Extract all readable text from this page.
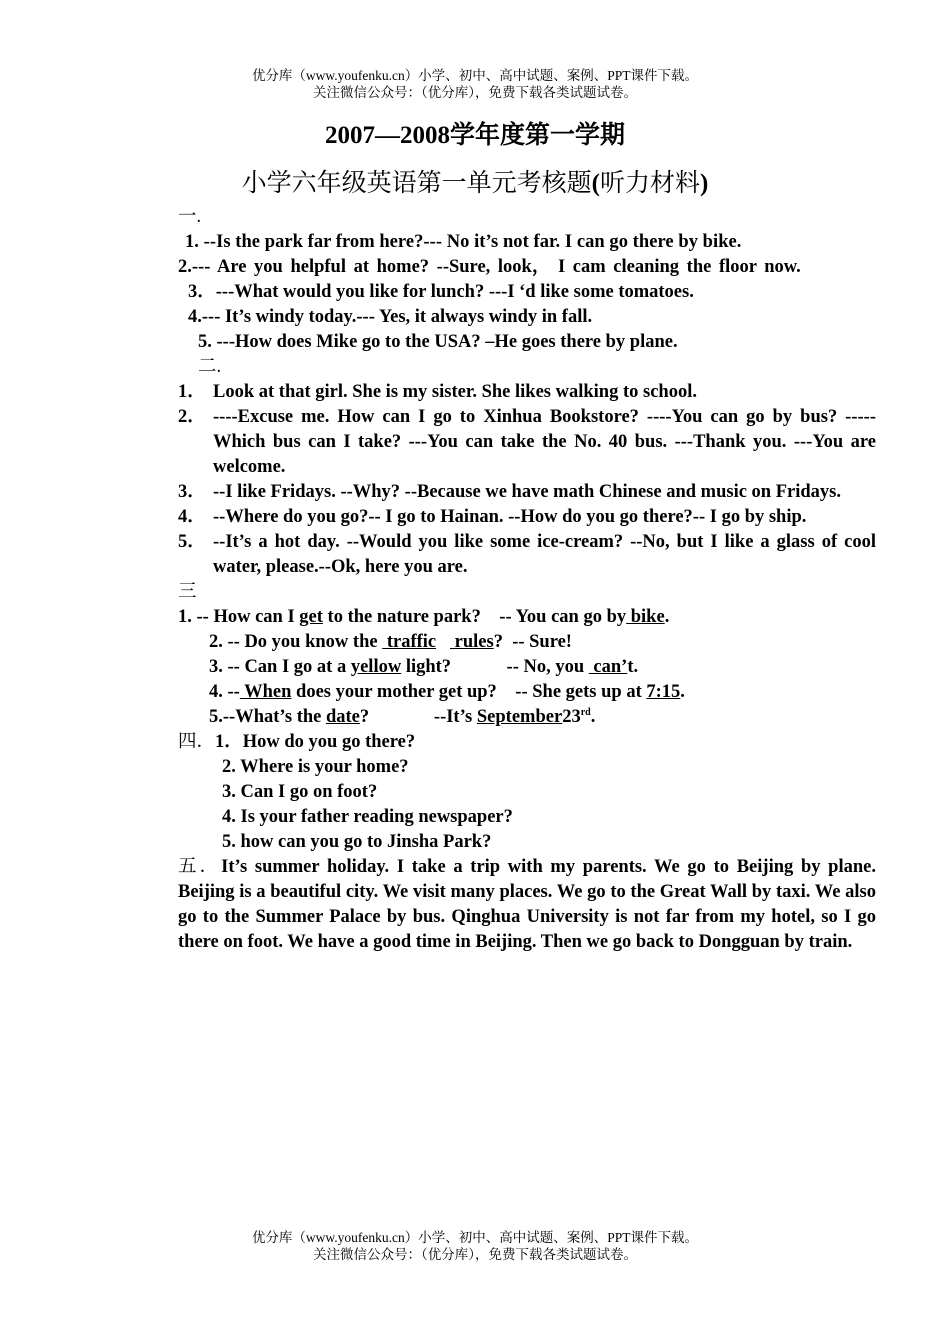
优分库（www.youfenku.cn）小学、初中、高中试题、案例、PPT课件下载。
关注微信公众号：（优分库），免费下载各类试题试卷。
2007—2008学年度第一学期
小学六年级英语第一单元考核题(听力材料)
一.
1. --Is the park far from here?--- No it’s not far. I can go there by bike.
2.--- Are you helpful at home? --Sure, look， I cam cleaning the floor now.
3．---What would you like for lunch? ---I ‘d like some tomatoes.
4.--- It’s windy today.--- Yes, it always windy in fall.
5. ---How does Mike go to the USA? –He goes there by plane.
二.
1． Look at that girl. She is my sister. She likes walking to school.
2． ----Excuse me. How can I go to Xinhua Bookstore? ----You can go by bus? -----Which bus can I take? ---You can take the No. 40 bus. ---Thank you. ---You are welcome.
3． --I like Fridays. --Why? --Because we have math Chinese and music on Fridays.
4． --Where do you go?-- I go to Hainan. --How do you go there?-- I go by ship.
5． --It’s a hot day. --Would you like some ice-cream? --No, but I like a glass of cool water, please.--Ok, here you are.
三
1. -- How can I get to the nature park?    -- You can go by bike.
2. -- Do you know the  traffic    rules?  -- Sure!
3. -- Can I go at a yellow light?            -- No, you  can’t.
4. -- When does your mother get up?    -- She gets up at 7:15.
5.--What’s the date?              --It’s September23rd.
四．1．How do you go there?
2. Where is your home?
3. Can I go on foot?
4. Is your father reading newspaper?
5. how can you go to Jinsha Park?
五．It’s summer holiday. I take a trip with my parents. We go to Beijing by plane. Beijing is a beautiful city. We visit many places. We go to the Great Wall by taxi. We also go to the Summer Palace by bus. Qinghua University is not far from my hotel, so I go there on foot. We have a good time in Beijing. Then we go back to Dongguan by train.
优分库（www.youfenku.cn）小学、初中、高中试题、案例、PPT课件下载。
关注微信公众号：（优分库），免费下载各类试题试卷。
